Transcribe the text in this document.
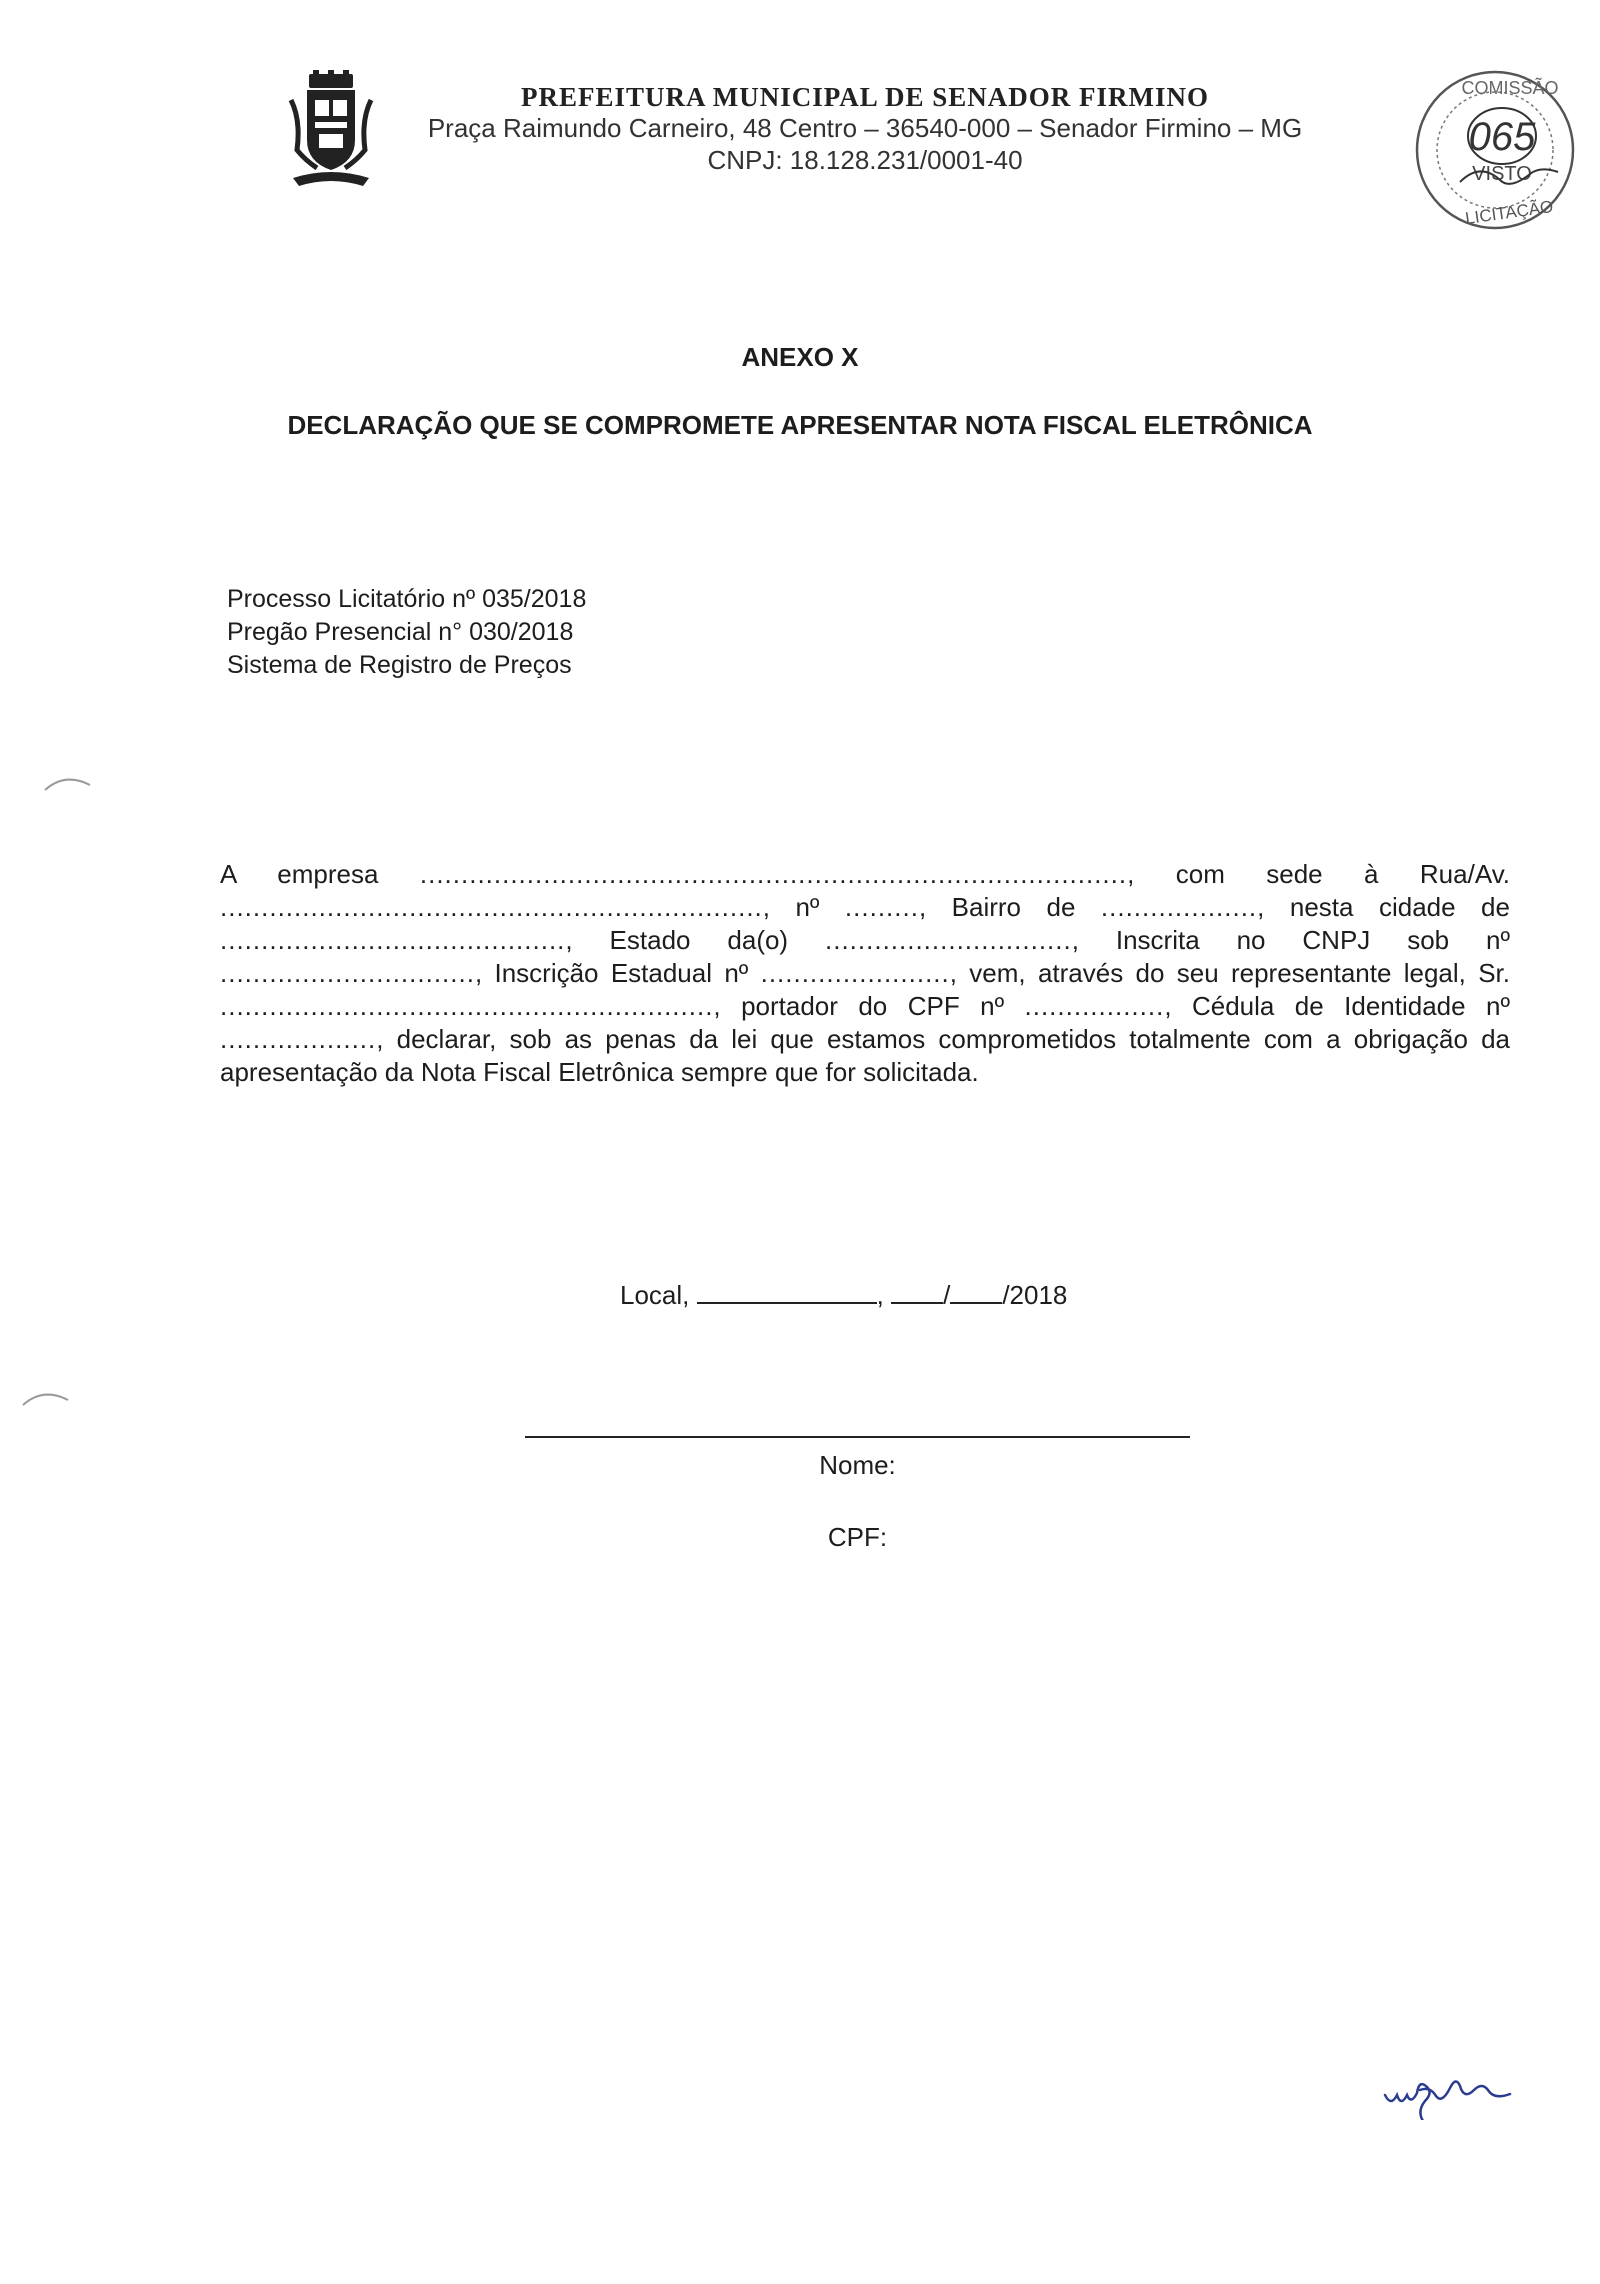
PREFEITURA MUNICIPAL DE SENADOR FIRMINO
Praça Raimundo Carneiro, 48 Centro – 36540-000 – Senador Firmino – MG
CNPJ: 18.128.231/0001-40
COMISSÃO
065
VISTO
LICITAÇÃO
ANEXO X
DECLARAÇÃO QUE SE COMPROMETE APRESENTAR NOTA FISCAL ELETRÔNICA
Processo Licitatório nº 035/2018
Pregão Presencial n° 030/2018
Sistema de Registro de Preços
A empresa ......................................................................................, com sede à Rua/Av. .................................................................., nº ........., Bairro de ..................., nesta cidade de .........................................., Estado da(o) .............................., Inscrita no CNPJ sob nº ..............................., Inscrição Estadual nº ......................., vem, através do seu representante legal, Sr. ............................................................, portador do CPF nº ................., Cédula de Identidade nº ..................., declarar, sob as penas da lei que estamos comprometidos totalmente com a obrigação da apresentação da Nota Fiscal Eletrônica sempre que for solicitada.
Local,	, / /2018
Nome:
CPF:
